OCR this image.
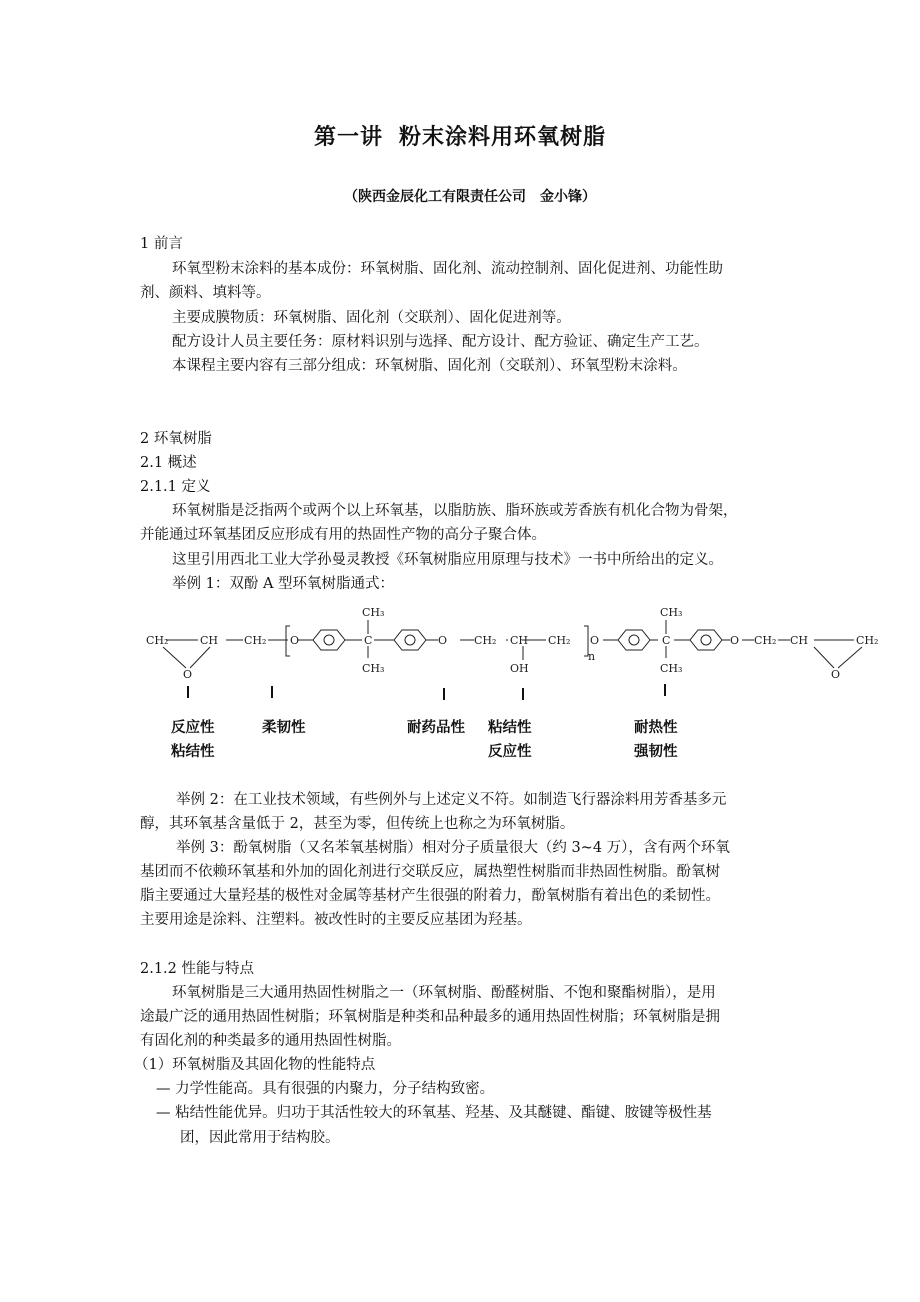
第一讲 粉末涂料用环氧树脂
（陕西金辰化工有限责任公司　金小锋）
1 前言
环氧型粉末涂料的基本成份：环氧树脂、固化剂、流动控制剂、固化促进剂、功能性助
剂、颜料、填料等。
主要成膜物质：环氧树脂、固化剂（交联剂）、固化促进剂等。
配方设计人员主要任务：原材料识别与选择、配方设计、配方验证、确定生产工艺。
本课程主要内容有三部分组成：环氧树脂、固化剂（交联剂）、环氧型粉末涂料。
2 环氧树脂
2.1 概述
2.1.1 定义
环氧树脂是泛指两个或两个以上环氧基，以脂肪族、脂环族或芳香族有机化合物为骨架，
并能通过环氧基团反应形成有用的热固性产物的高分子聚合体。
这里引用西北工业大学孙曼灵教授《环氧树脂应用原理与技术》一书中所给出的定义。
举例 1：双酚 A 型环氧树脂通式：
CH₂	CH CH₂
O
O
CH₃
C
CH₃
O CH₂ CH
OH
CH₂ O
n
CH₃
C
CH₃
O CH₂ CH	CH₂
O
反应性
粘结性
柔韧性	耐药品性 粘结性
反应性
耐热性
强韧性
举例 2：在工业技术领域，有些例外与上述定义不符。如制造飞行器涂料用芳香基多元
醇，其环氧基含量低于 2，甚至为零，但传统上也称之为环氧树脂。
举例 3：酚氧树脂（又名苯氧基树脂）相对分子质量很大（约 3~4 万），含有两个环氧
基团而不依赖环氧基和外加的固化剂进行交联反应，属热塑性树脂而非热固性树脂。酚氧树
脂主要通过大量羟基的极性对金属等基材产生很强的附着力，酚氧树脂有着出色的柔韧性。
主要用途是涂料、注塑料。被改性时的主要反应基团为羟基。
2.1.2 性能与特点
环氧树脂是三大通用热固性树脂之一（环氧树脂、酚醛树脂、不饱和聚酯树脂），是用
途最广泛的通用热固性树脂；环氧树脂是种类和品种最多的通用热固性树脂；环氧树脂是拥
有固化剂的种类最多的通用热固性树脂。
（1）环氧树脂及其固化物的性能特点
— 力学性能高。具有很强的内聚力，分子结构致密。
— 粘结性能优异。归功于其活性较大的环氧基、羟基、及其醚键、酯键、胺键等极性基
团，因此常用于结构胶。
